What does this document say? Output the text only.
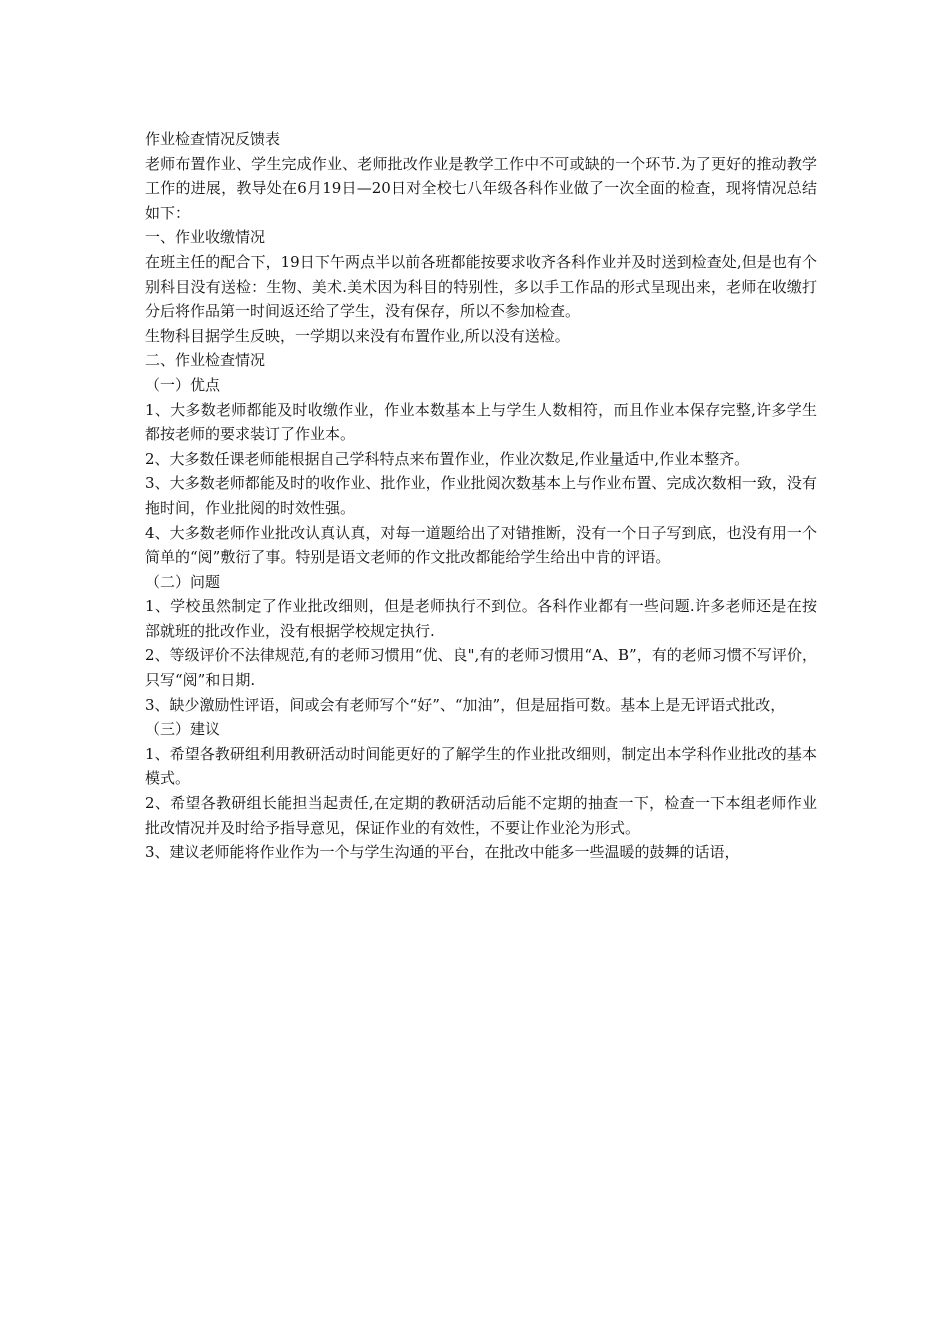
作业检查情况反馈表

老师布置作业、学生完成作业、老师批改作业是教学工作中不可或缺的一个环节.为了更好的推动教学工作的进展，教导处在6月19日—20日对全校七八年级各科作业做了一次全面的检查，现将情况总结如下：

一、作业收缴情况

在班主任的配合下，19日下午两点半以前各班都能按要求收齐各科作业并及时送到检查处,但是也有个别科目没有送检：生物、美术.美术因为科目的特别性，多以手工作品的形式呈现出来，老师在收缴打分后将作品第一时间返还给了学生，没有保存，所以不参加检查。

生物科目据学生反映，一学期以来没有布置作业,所以没有送检。

二、作业检查情况

（一）优点

1、大多数老师都能及时收缴作业，作业本数基本上与学生人数相符，而且作业本保存完整,许多学生都按老师的要求装订了作业本。

2、大多数任课老师能根据自己学科特点来布置作业，作业次数足,作业量适中,作业本整齐。

3、大多数老师都能及时的收作业、批作业，作业批阅次数基本上与作业布置、完成次数相一致，没有拖时间，作业批阅的时效性强。

4、大多数老师作业批改认真认真，对每一道题给出了对错推断，没有一个日子写到底，也没有用一个简单的“阅”敷衍了事。特别是语文老师的作文批改都能给学生给出中肯的评语。

（二）问题

1、学校虽然制定了作业批改细则，但是老师执行不到位。各科作业都有一些问题.许多老师还是在按部就班的批改作业，没有根据学校规定执行.

2、等级评价不法律规范,有的老师习惯用“优、良",有的老师习惯用“A、B”，有的老师习惯不写评价，只写“阅”和日期.

3、缺少激励性评语，间或会有老师写个“好”、“加油”，但是屈指可数。基本上是无评语式批改，

（三）建议

1、希望各教研组利用教研活动时间能更好的了解学生的作业批改细则，制定出本学科作业批改的基本模式。

2、希望各教研组长能担当起责任,在定期的教研活动后能不定期的抽查一下，检查一下本组老师作业批改情况并及时给予指导意见，保证作业的有效性，不要让作业沦为形式。

3、建议老师能将作业作为一个与学生沟通的平台，在批改中能多一些温暖的鼓舞的话语，
